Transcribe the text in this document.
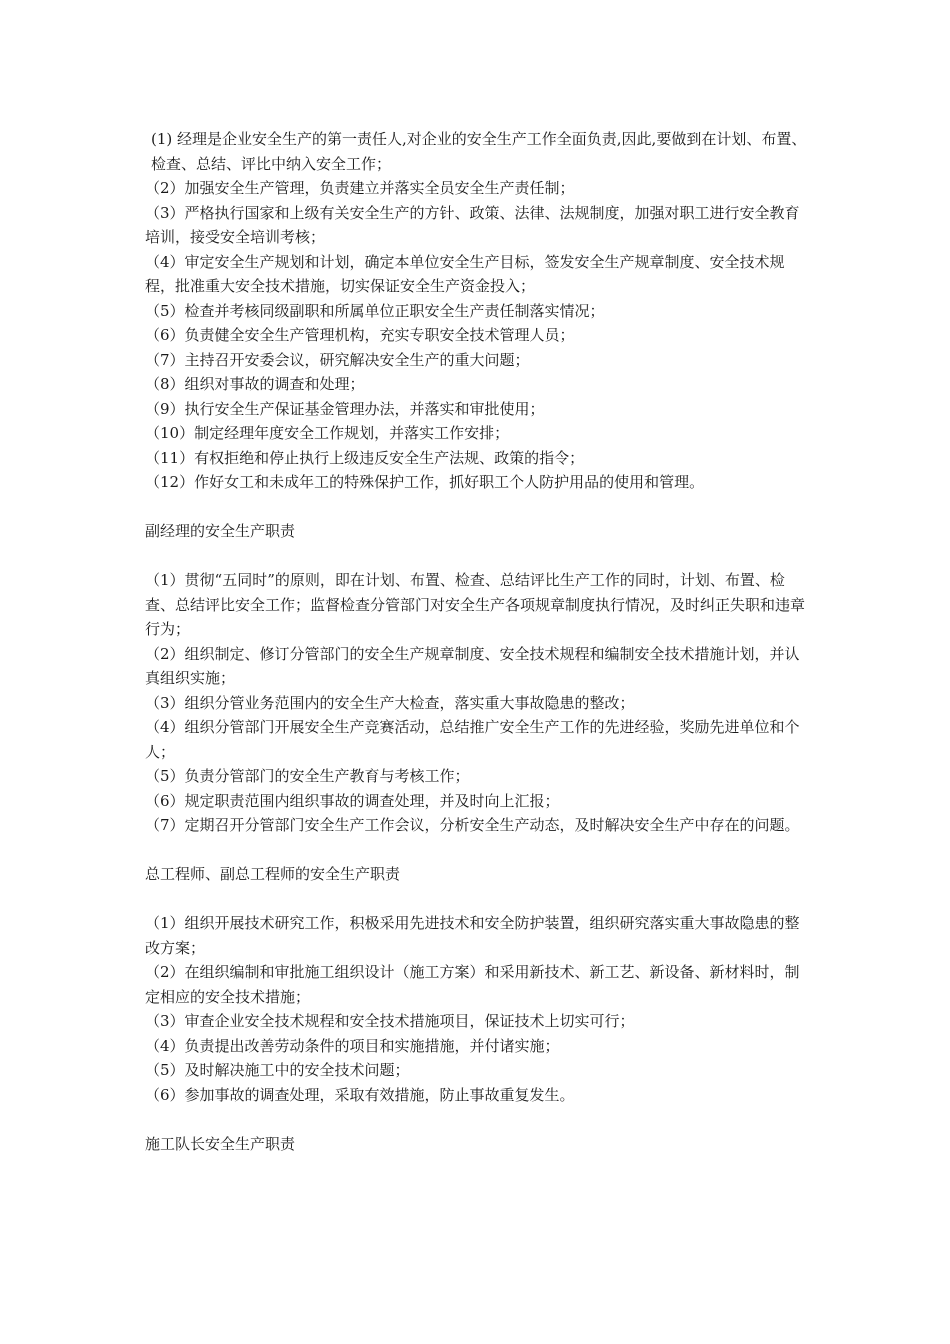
(1) 经理是企业安全生产的第一责任人,对企业的安全生产工作全面负责,因此,要做到在计划、布置、检查、总结、评比中纳入安全工作；

（2）加强安全生产管理，负责建立并落实全员安全生产责任制；

（3）严格执行国家和上级有关安全生产的方针、政策、法律、法规制度，加强对职工进行安全教育培训，接受安全培训考核；

（4）审定安全生产规划和计划，确定本单位安全生产目标，签发安全生产规章制度、安全技术规程，批准重大安全技术措施，切实保证安全生产资金投入；

（5）检查并考核同级副职和所属单位正职安全生产责任制落实情况；

（6）负责健全安全生产管理机构，充实专职安全技术管理人员；

（7）主持召开安委会议，研究解决安全生产的重大问题；

（8）组织对事故的调查和处理；

（9）执行安全生产保证基金管理办法，并落实和审批使用；

（10）制定经理年度安全工作规划，并落实工作安排；

（11）有权拒绝和停止执行上级违反安全生产法规、政策的指令；

（12）作好女工和未成年工的特殊保护工作，抓好职工个人防护用品的使用和管理。

副经理的安全生产职责

（1）贯彻“五同时”的原则，即在计划、布置、检查、总结评比生产工作的同时，计划、布置、检查、总结评比安全工作；监督检查分管部门对安全生产各项规章制度执行情况，及时纠正失职和违章行为；

（2）组织制定、修订分管部门的安全生产规章制度、安全技术规程和编制安全技术措施计划，并认真组织实施；

（3）组织分管业务范围内的安全生产大检查，落实重大事故隐患的整改；

（4）组织分管部门开展安全生产竞赛活动，总结推广安全生产工作的先进经验，奖励先进单位和个人；

（5）负责分管部门的安全生产教育与考核工作；

（6）规定职责范围内组织事故的调查处理，并及时向上汇报；

（7）定期召开分管部门安全生产工作会议，分析安全生产动态，及时解决安全生产中存在的问题。

总工程师、副总工程师的安全生产职责

（1）组织开展技术研究工作，积极采用先进技术和安全防护装置，组织研究落实重大事故隐患的整改方案；

（2）在组织编制和审批施工组织设计（施工方案）和采用新技术、新工艺、新设备、新材料时，制定相应的安全技术措施；

（3）审查企业安全技术规程和安全技术措施项目，保证技术上切实可行；

（4）负责提出改善劳动条件的项目和实施措施，并付诸实施；

（5）及时解决施工中的安全技术问题；

（6）参加事故的调查处理，采取有效措施，防止事故重复发生。

施工队长安全生产职责
